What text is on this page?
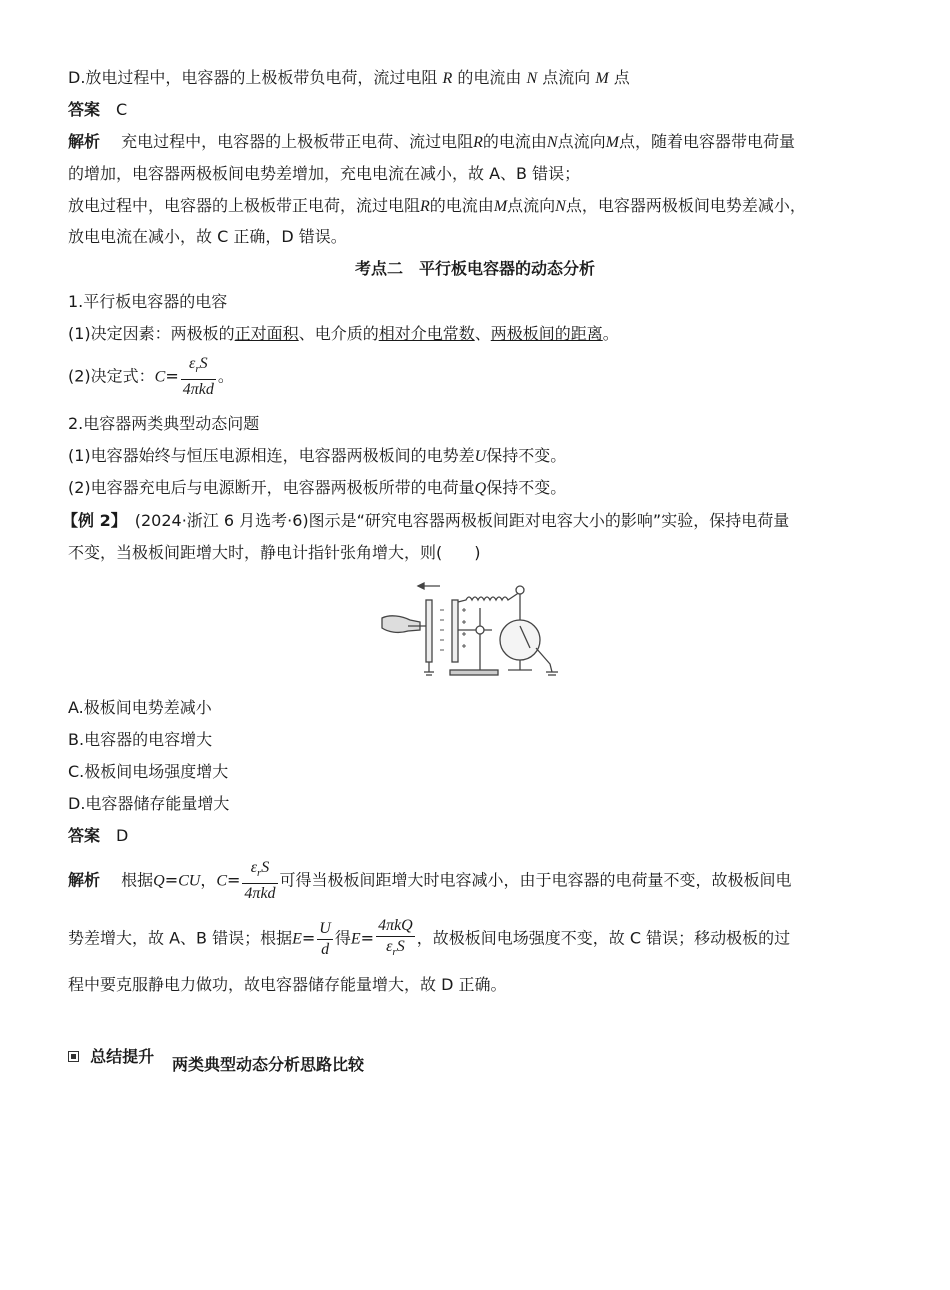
D.放电过程中，电容器的上极板带负电荷，流过电阻 R 的电流由 N 点流向 M 点
答案　 C
解析　 充电过程中，电容器的上极板带正电荷、流过电阻R的电流由N点流向M点，随着电容器带电荷量
的增加，电容器两极板间电势差增加，充电电流在减小，故 A、B 错误；
放电过程中，电容器的上极板带正电荷，流过电阻R的电流由M点流向N点，电容器两极板间电势差减小，
放电电流在减小，故 C 正确，D 错误。
考点二　平行板电容器的动态分析
1.平行板电容器的电容
(1)决定因素：两极板的正对面积、电介质的相对介电常数、两极板间的距离。
(2)决定式：$C= \frac{\varepsilon_rS}{\text{4πkd}}$ 。
2.电容器两类典型动态问题
(1)电容器始终与恒压电源相连，电容器两极板间的电势差U保持不变。
(2)电容器充电后与电源断开，电容器两极板所带的电荷量Q保持不变。
【例 2】　 (2024·浙江 6 月选考·6)图示是“研究电容器两极板间距对电容大小的影响”实验，保持电荷量
不变，当极板间距增大时，静电计指针张角增大，则(　　)
A.极板间电势差减小
B.电容器的电容增大
C.极板间电场强度增大
D.电容器储存能量增大
答案　 D
解析　 根据Q=CU，$C= \frac{\varepsilon_rS}{\text{4πkd}}$ 可得当极板间距增大时电容减小，由于电容器的电荷量不变，故极板间电
势差增大，故 A、B 错误；根据$E= \frac{U}{d}$ 得$E= \frac{\text{4πkQ}}{\varepsilon_rS}$ ，故极板间电场强度不变，故 C 错误；移动极板的过
程中要克服静电力做功，故电容器储存能量增大，故 D 正确。
总结提升 两类典型动态分析思路比较
